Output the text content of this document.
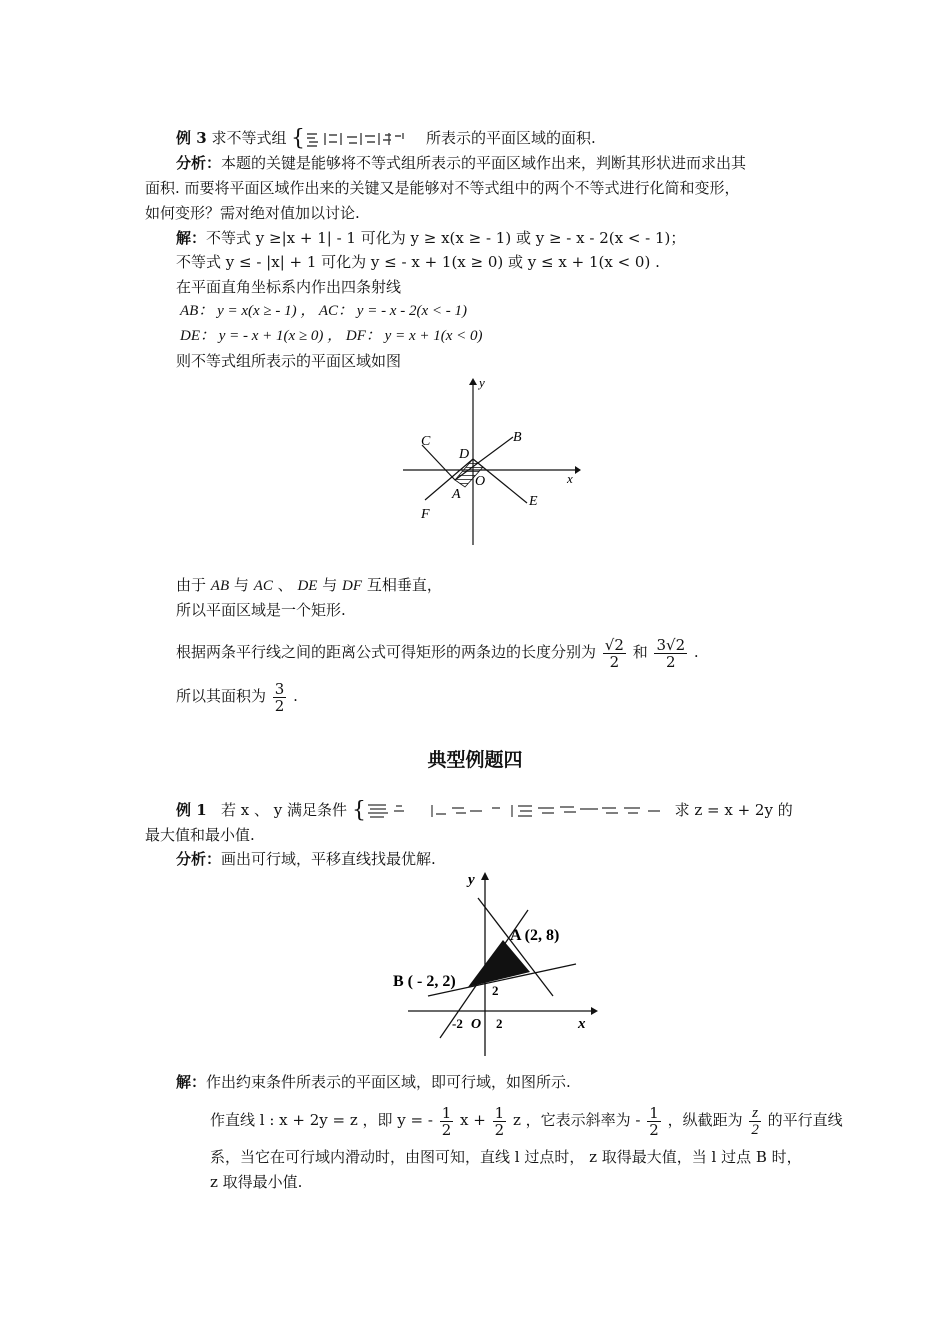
例 3 求不等式组 {	所表示的平面区域的面积.
分析：本题的关键是能够将不等式组所表示的平面区域作出来，判断其形状进而求出其
面积. 而要将平面区域作出来的关键又是能够对不等式组中的两个不等式进行化简和变形，
如何变形？需对绝对值加以讨论.
解：不等式 y ≥|x + 1| - 1 可化为 y ≥ x(x ≥ - 1) 或 y ≥ - x - 2(x < - 1)；
不等式 y ≤ - |x| + 1 可化为 y ≤ - x + 1(x ≥ 0) 或 y ≤ x + 1(x < 0) .
在平面直角坐标系内作出四条射线
AB： y = x(x ≥ - 1) ， AC： y = - x - 2(x < - 1)
DE： y = - x + 1(x ≥ 0) ， DF： y = x + 1(x < 0)
则不等式组所表示的平面区域如图
y
x
C	B
D
O
A	E
F
由于 AB 与 AC 、 DE 与 DF 互相垂直，
所以平面区域是一个矩形.
根据两条平行线之间的距离公式可得矩形的两条边的长度分别为 $\frac{√2}{2}$ 和 $\frac{3√2}{2}$ .
所以其面积为 $\frac{3}{2}$ .
典型例题四
例 1 若 x 、 y 满足条件 {	求 z = x + 2y 的
最大值和最小值.
分析：画出可行域，平移直线找最优解.
y
x
A (2, 8)
B ( - 2, 2)
-2 O 2
2
解：作出约束条件所表示的平面区域，即可行域，如图所示.
作直线 l : x + 2y = z ，即 y = - $\frac{1}{2}$ $x + \frac{1}{2}$ z ，它表示斜率为 - $\frac{1}{2}$ ，纵截距为 $\frac{z}{2}$ 的平行直线
系，当它在可行域内滑动时，由图可知，直线 l 过点时， z 取得最大值，当 l 过点 B 时，
z 取得最小值.
